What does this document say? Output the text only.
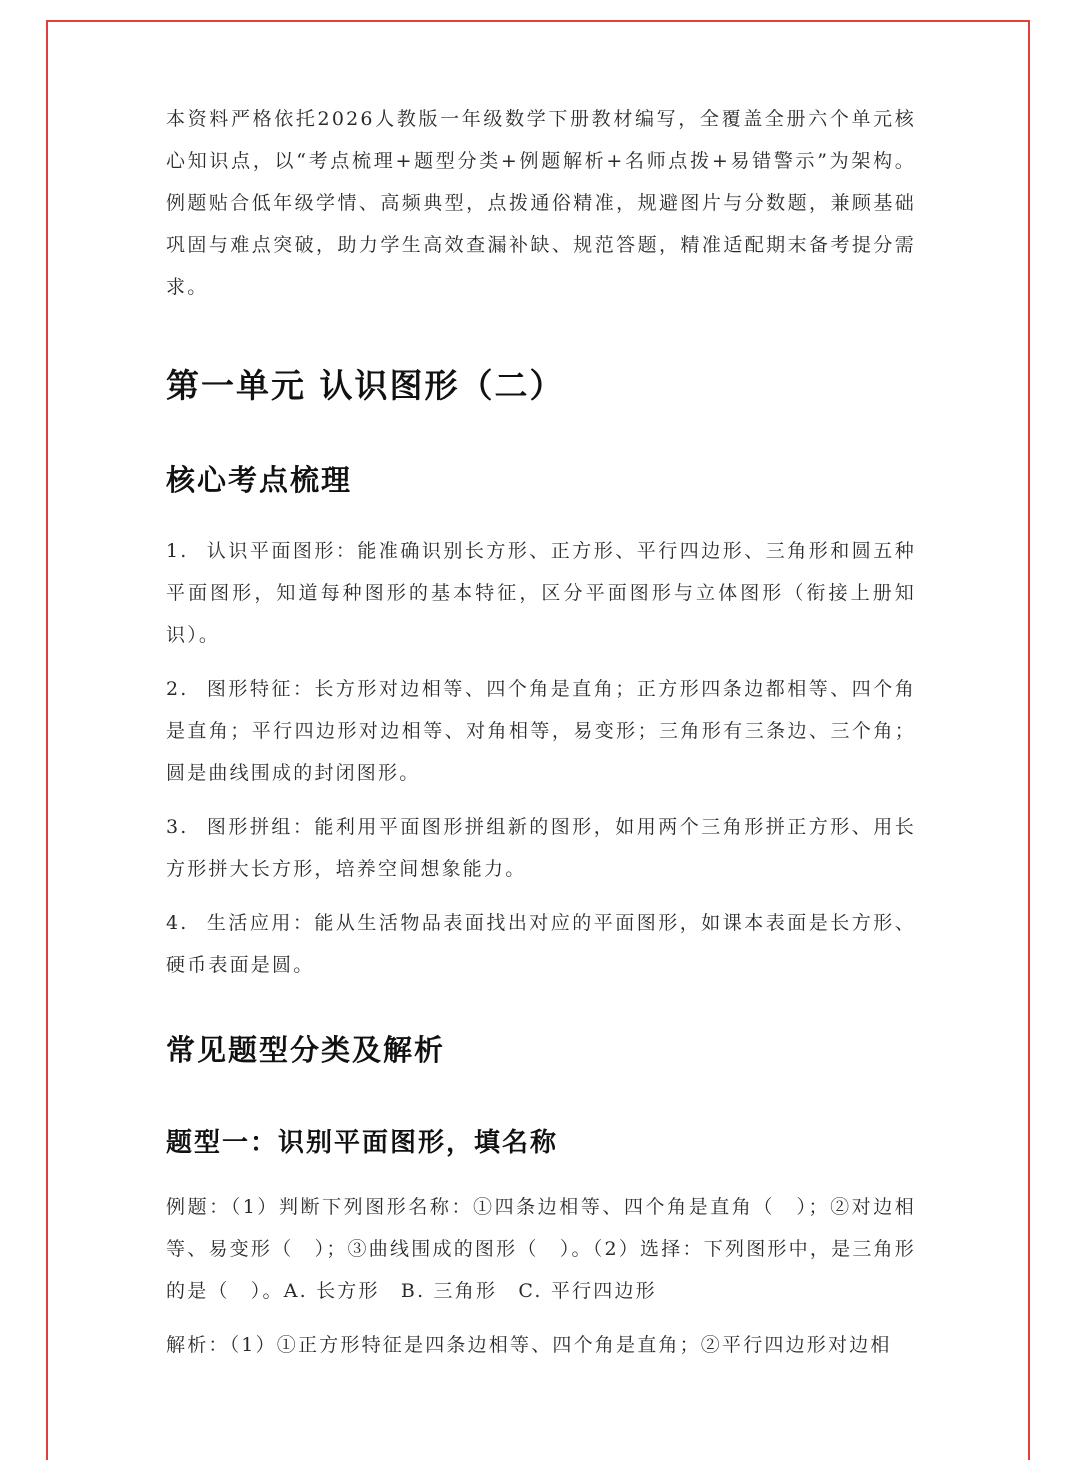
本资料严格依托2026人教版一年级数学下册教材编写，全覆盖全册六个单元核心知识点，以“考点梳理+题型分类+例题解析+名师点拨+易错警示”为架构。例题贴合低年级学情、高频典型，点拨通俗精准，规避图片与分数题，兼顾基础巩固与难点突破，助力学生高效查漏补缺、规范答题，精准适配期末备考提分需求。

第一单元 认识图形（二）
核心考点梳理

1. 认识平面图形：能准确识别长方形、正方形、平行四边形、三角形和圆五种平面图形，知道每种图形的基本特征，区分平面图形与立体图形（衔接上册知识）。

2. 图形特征：长方形对边相等、四个角是直角；正方形四条边都相等、四个角是直角；平行四边形对边相等、对角相等，易变形；三角形有三条边、三个角；圆是曲线围成的封闭图形。

3. 图形拼组：能利用平面图形拼组新的图形，如用两个三角形拼正方形、用长方形拼大长方形，培养空间想象能力。

4. 生活应用：能从生活物品表面找出对应的平面图形，如课本表面是长方形、硬币表面是圆。

常见题型分类及解析
题型一：识别平面图形，填名称

例题：（1）判断下列图形名称：①四条边相等、四个角是直角（　）；②对边相等、易变形（　）；③曲线围成的图形（　）。（2）选择：下列图形中，是三角形的是（　）。A. 长方形　B. 三角形　C. 平行四边形

解析：（1）①正方形特征是四条边相等、四个角是直角；②平行四边形对边相
